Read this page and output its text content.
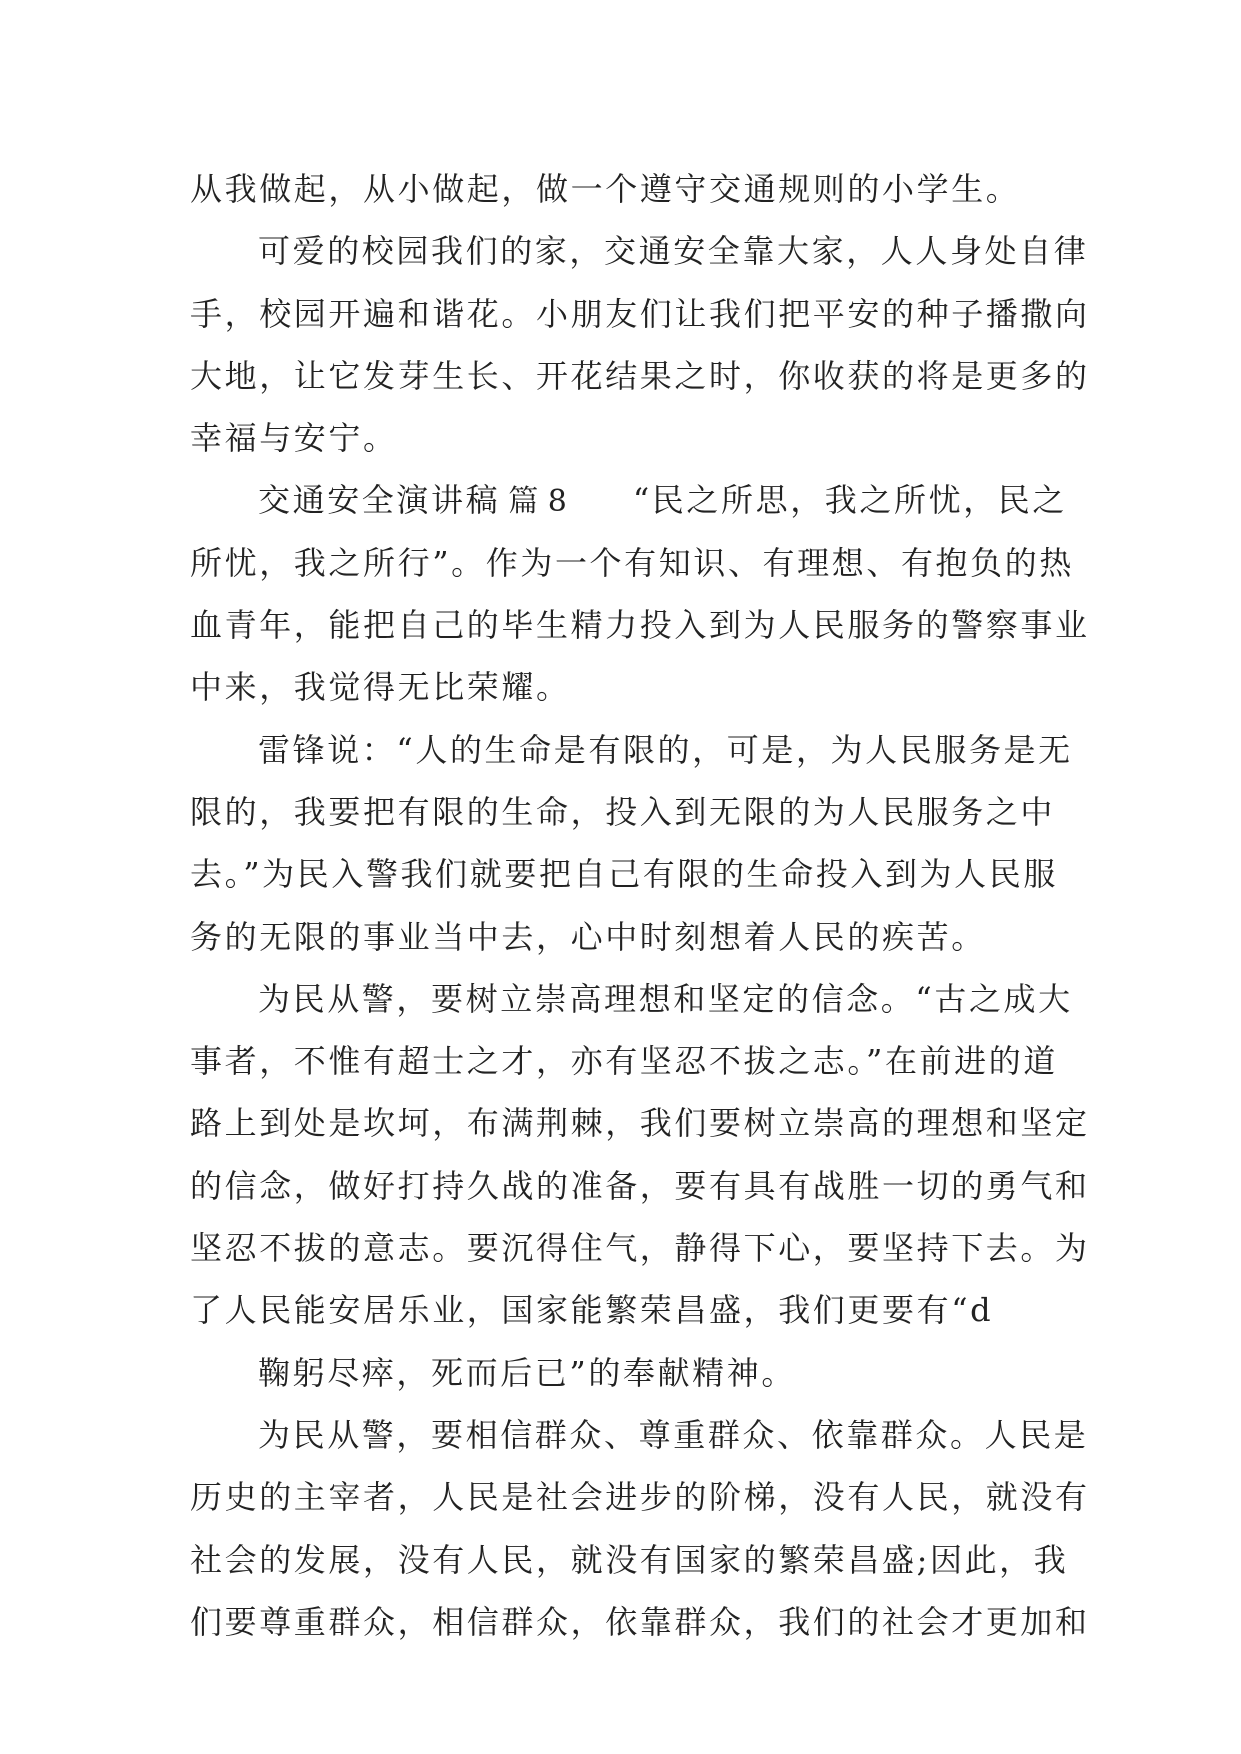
从我做起，从小做起，做一个遵守交通规则的小学生。
可爱的校园我们的家，交通安全靠大家，人人身处自律
手，校园开遍和谐花。小朋友们让我们把平安的种子播撒向
大地，让它发芽生长、开花结果之时，你收获的将是更多的
幸福与安宁。
交通安全演讲稿 篇 8 “民之所思，我之所忧，民之
所忧，我之所行”。作为一个有知识、有理想、有抱负的热
血青年，能把自己的毕生精力投入到为人民服务的警察事业
中来，我觉得无比荣耀。
雷锋说：“人的生命是有限的，可是，为人民服务是无
限的，我要把有限的生命，投入到无限的为人民服务之中
去。”为民入警我们就要把自己有限的生命投入到为人民服
务的无限的事业当中去，心中时刻想着人民的疾苦。
为民从警，要树立崇高理想和坚定的信念。“古之成大
事者，不惟有超士之才，亦有坚忍不拔之志。”在前进的道
路上到处是坎坷，布满荆棘，我们要树立崇高的理想和坚定
的信念，做好打持久战的准备，要有具有战胜一切的勇气和
坚忍不拔的意志。要沉得住气，静得下心，要坚持下去。为
了人民能安居乐业，国家能繁荣昌盛，我们更要有“d
鞠躬尽瘁，死而后已”的奉献精神。
为民从警，要相信群众、尊重群众、依靠群众。人民是
历史的主宰者，人民是社会进步的阶梯，没有人民，就没有
社会的发展，没有人民，就没有国家的繁荣昌盛;因此，我
们要尊重群众，相信群众，依靠群众，我们的社会才更加和
